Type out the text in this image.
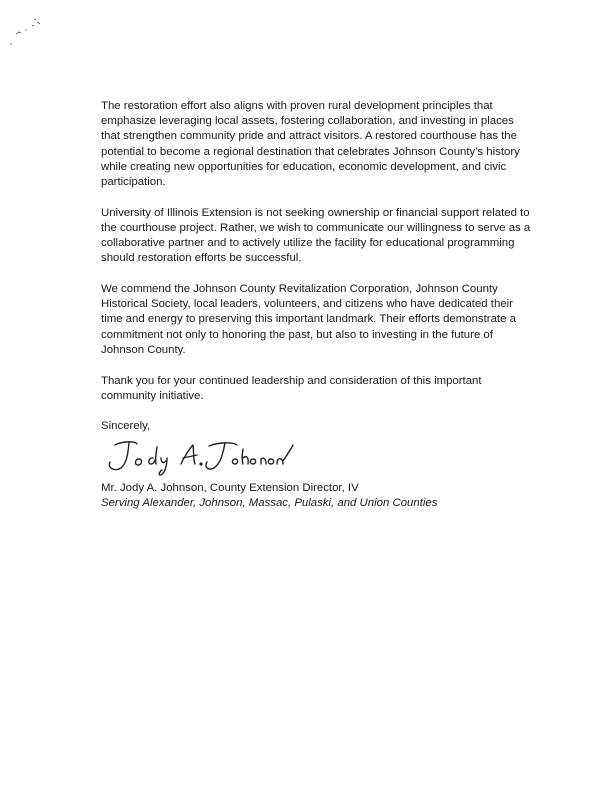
The restoration effort also aligns with proven rural development principles that emphasize leveraging local assets, fostering collaboration, and investing in places that strengthen community pride and attract visitors. A restored courthouse has the potential to become a regional destination that celebrates Johnson County's history while creating new opportunities for education, economic development, and civic participation.

University of Illinois Extension is not seeking ownership or financial support related to the courthouse project. Rather, we wish to communicate our willingness to serve as a collaborative partner and to actively utilize the facility for educational programming should restoration efforts be successful.

We commend the Johnson County Revitalization Corporation, Johnson County Historical Society, local leaders, volunteers, and citizens who have dedicated their time and energy to preserving this important landmark. Their efforts demonstrate a commitment not only to honoring the past, but also to investing in the future of Johnson County.

Thank you for your continued leadership and consideration of this important community initiative.

Sincerely,
Mr. Jody A. Johnson, County Extension Director, IV
Serving Alexander, Johnson, Massac, Pulaski, and Union Counties
